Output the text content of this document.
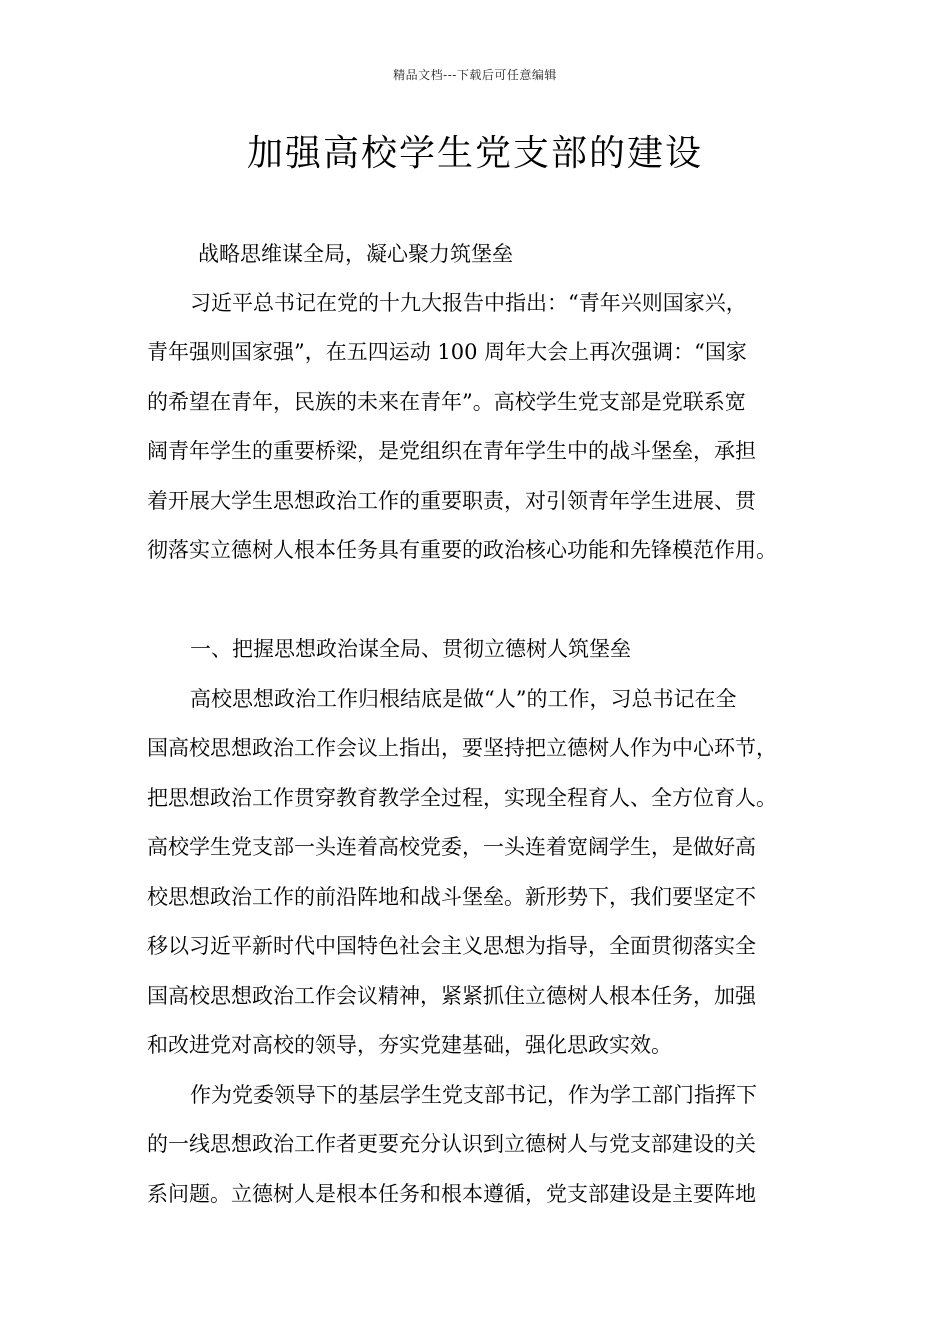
精品文档---下载后可任意编辑
加强高校学生党支部的建设
战略思维谋全局，凝心聚力筑堡垒
习近平总书记在党的十九大报告中指出：“青年兴则国家兴，
青年强则国家强”，在五四运动 100 周年大会上再次强调：“国家
的希望在青年，民族的未来在青年”。高校学生党支部是党联系宽
阔青年学生的重要桥梁，是党组织在青年学生中的战斗堡垒，承担
着开展大学生思想政治工作的重要职责，对引领青年学生进展、贯
彻落实立德树人根本任务具有重要的政治核心功能和先锋模范作用。
一、把握思想政治谋全局、贯彻立德树人筑堡垒
高校思想政治工作归根结底是做“人”的工作，习总书记在全
国高校思想政治工作会议上指出，要坚持把立德树人作为中心环节，
把思想政治工作贯穿教育教学全过程，实现全程育人、全方位育人。
高校学生党支部一头连着高校党委，一头连着宽阔学生，是做好高
校思想政治工作的前沿阵地和战斗堡垒。新形势下，我们要坚定不
移以习近平新时代中国特色社会主义思想为指导，全面贯彻落实全
国高校思想政治工作会议精神，紧紧抓住立德树人根本任务，加强
和改进党对高校的领导，夯实党建基础，强化思政实效。
作为党委领导下的基层学生党支部书记，作为学工部门指挥下
的一线思想政治工作者更要充分认识到立德树人与党支部建设的关
系问题。立德树人是根本任务和根本遵循，党支部建设是主要阵地
